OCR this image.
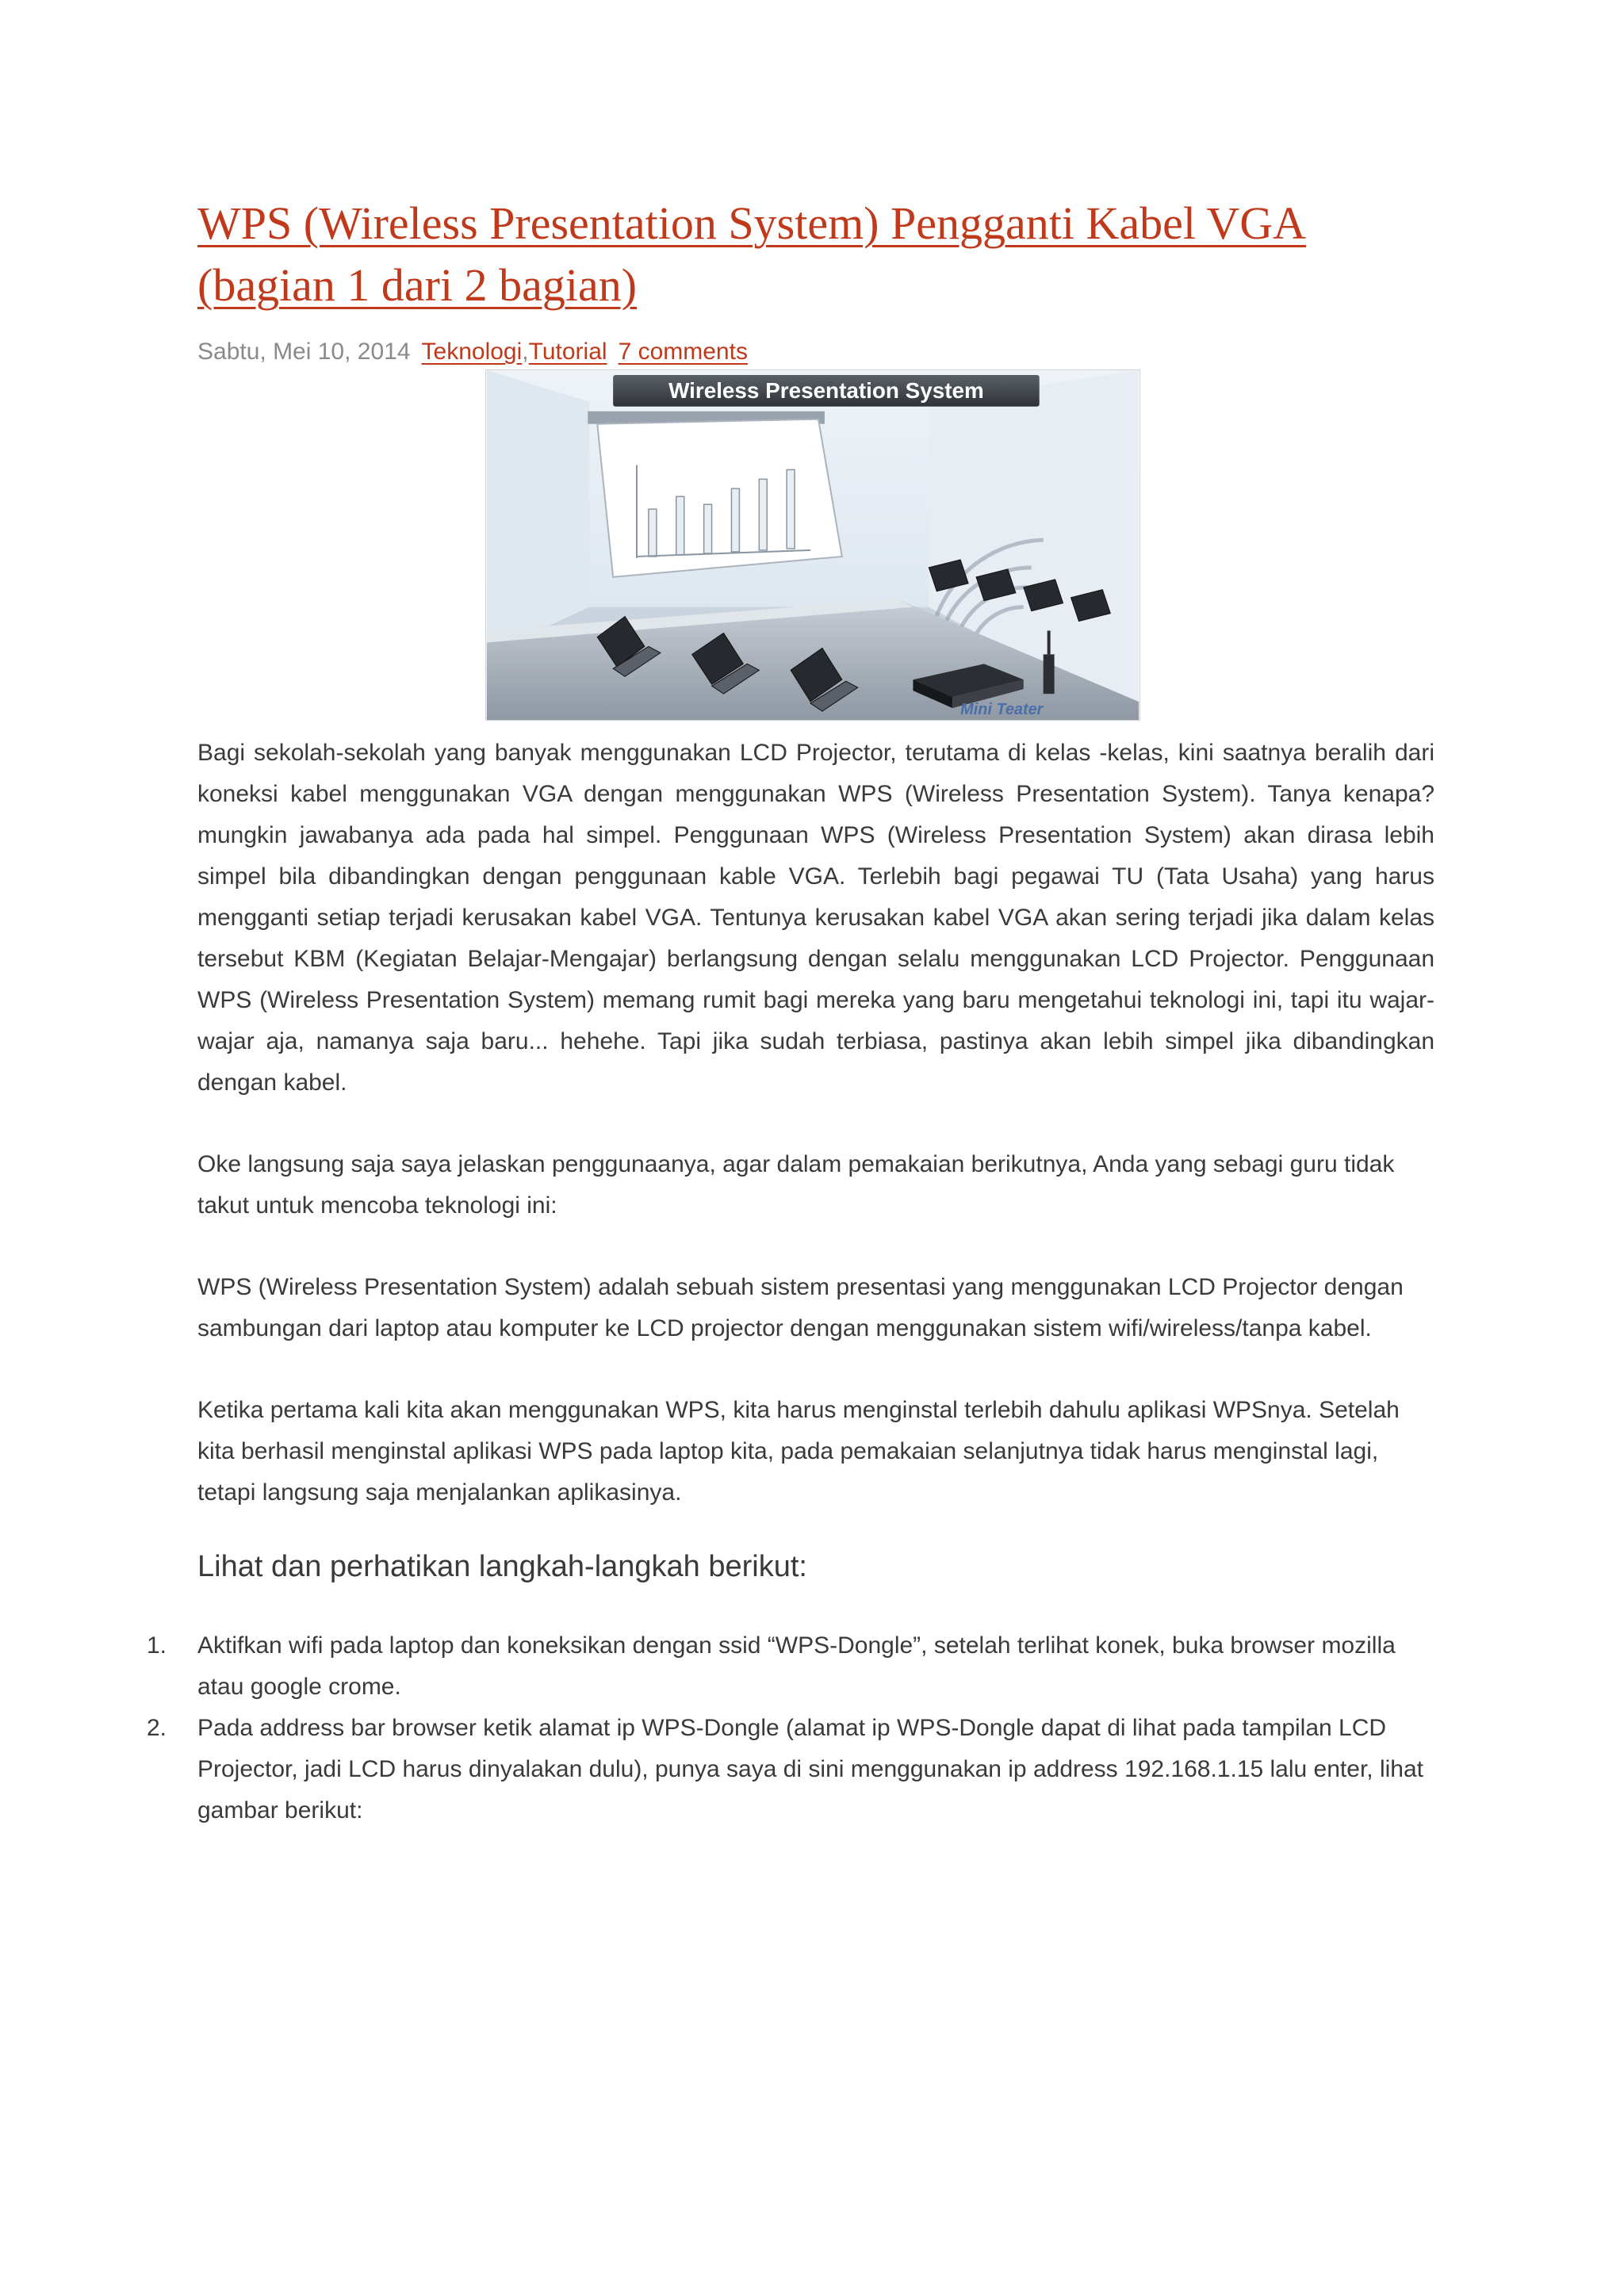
WPS (Wireless Presentation System) Pengganti Kabel VGA (bagian 1 dari 2 bagian)
Sabtu, Mei 10, 2014 Teknologi,Tutorial 7 comments
Wireless Presentation System
Mini Teater

Bagi sekolah-sekolah yang banyak menggunakan LCD Projector, terutama di kelas -kelas, kini saatnya beralih dari koneksi kabel menggunakan VGA dengan menggunakan WPS (Wireless Presentation System). Tanya kenapa? mungkin jawabanya ada pada hal simpel. Penggunaan WPS (Wireless Presentation System) akan dirasa lebih simpel bila dibandingkan dengan penggunaan kable VGA. Terlebih bagi pegawai TU (Tata Usaha) yang harus mengganti setiap terjadi kerusakan kabel VGA. Tentunya kerusakan kabel VGA akan sering terjadi jika dalam kelas tersebut KBM (Kegiatan Belajar-Mengajar) berlangsung dengan selalu menggunakan LCD Projector. Penggunaan WPS (Wireless Presentation System) memang rumit bagi mereka yang baru mengetahui teknologi ini, tapi itu wajar-wajar aja, namanya saja baru... hehehe. Tapi jika sudah terbiasa, pastinya akan lebih simpel jika dibandingkan dengan kabel.

Oke langsung saja saya jelaskan penggunaanya, agar dalam pemakaian berikutnya, Anda yang sebagi guru tidak takut untuk mencoba teknologi ini:

WPS (Wireless Presentation System) adalah sebuah sistem presentasi yang menggunakan LCD Projector dengan sambungan dari laptop atau komputer ke LCD projector dengan menggunakan sistem wifi/wireless/tanpa kabel.

Ketika pertama kali kita akan menggunakan WPS, kita harus menginstal terlebih dahulu aplikasi WPSnya. Setelah kita berhasil menginstal aplikasi WPS pada laptop kita, pada pemakaian selanjutnya tidak harus menginstal lagi, tetapi langsung saja menjalankan aplikasinya.

Lihat dan perhatikan langkah-langkah berikut:
1. Aktifkan wifi pada laptop dan koneksikan dengan ssid “WPS-Dongle”, setelah terlihat konek, buka browser mozilla atau google crome.
2. Pada address bar browser ketik alamat ip WPS-Dongle (alamat ip WPS-Dongle dapat di lihat pada tampilan LCD Projector, jadi LCD harus dinyalakan dulu), punya saya di sini menggunakan ip address 192.168.1.15 lalu enter, lihat gambar berikut:
